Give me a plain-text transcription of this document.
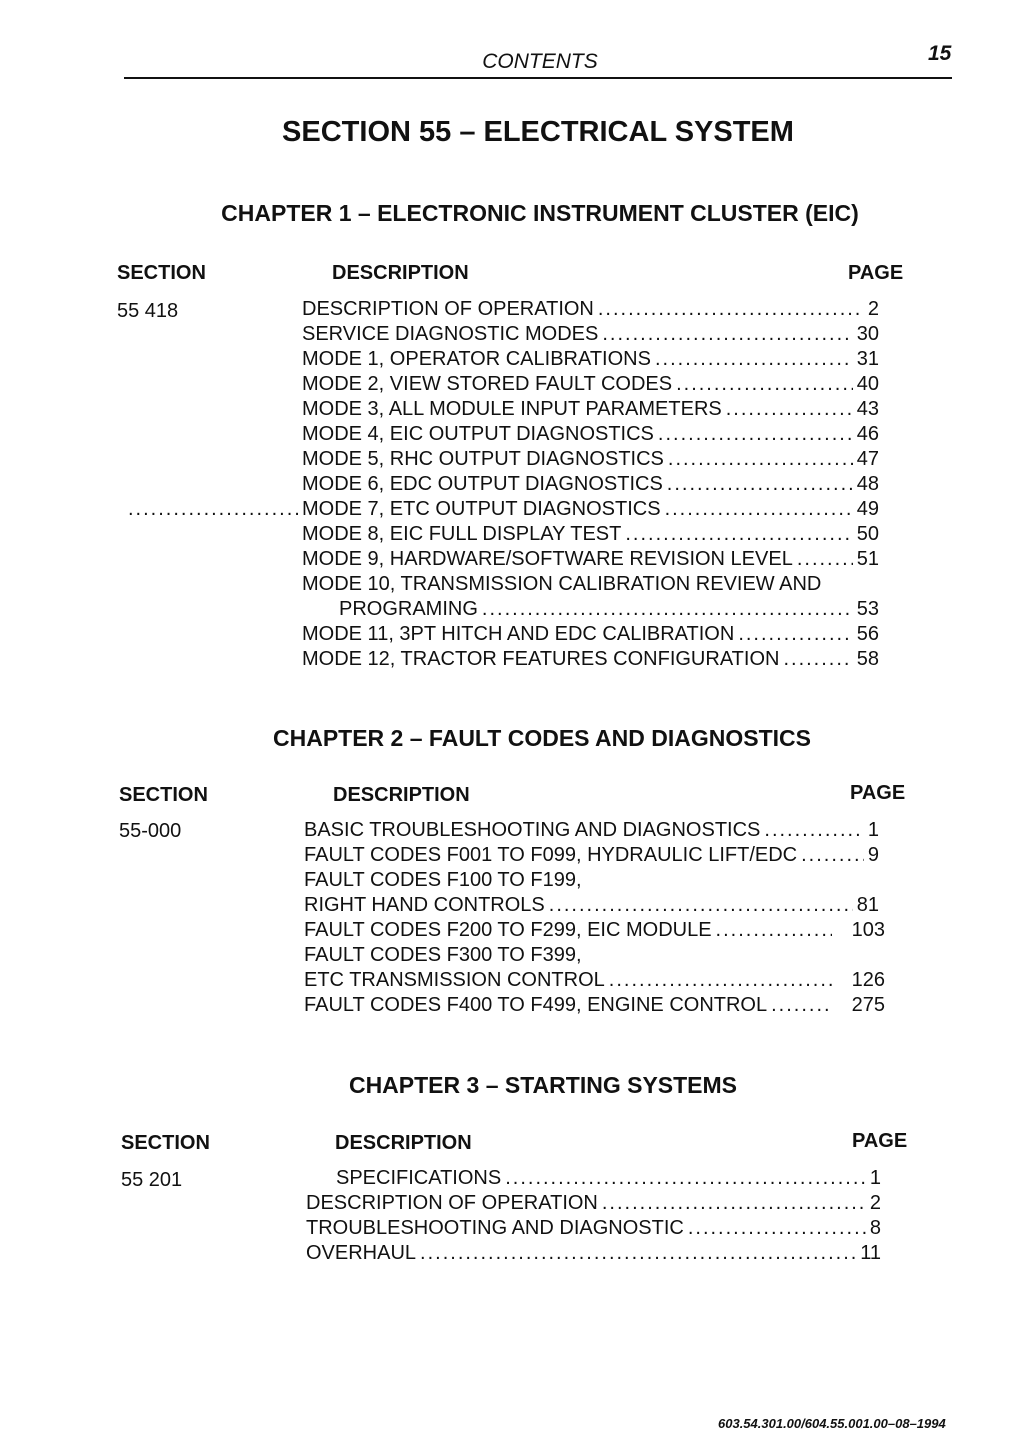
CONTENTS	15
SECTION 55 – ELECTRICAL SYSTEM
CHAPTER 1 – ELECTRONIC INSTRUMENT CLUSTER (EIC)
SECTION	DESCRIPTION	PAGE
55 418	DESCRIPTION OF OPERATION .....	2
SERVICE DIAGNOSTIC MODES .....	30
MODE 1, OPERATOR CALIBRATIONS .....	31
MODE 2, VIEW STORED FAULT CODES .....	40
MODE 3, ALL MODULE INPUT PARAMETERS .....	43
MODE 4, EIC OUTPUT DIAGNOSTICS .....	46
MODE 5, RHC OUTPUT DIAGNOSTICS .....	47
MODE 6, EDC OUTPUT DIAGNOSTICS .....	48
.....
MODE 7, ETC OUTPUT DIAGNOSTICS .....	49
MODE 8, EIC FULL DISPLAY TEST .....	50
MODE 9, HARDWARE/SOFTWARE REVISION LEVEL .....	51
MODE 10, TRANSMISSION CALIBRATION REVIEW AND
PROGRAMING .....	53
MODE 11, 3PT HITCH AND EDC CALIBRATION .....	56
MODE 12, TRACTOR FEATURES CONFIGURATION .....	58
CHAPTER 2 – FAULT CODES AND DIAGNOSTICS
SECTION	DESCRIPTION	PAGE
55-000	BASIC TROUBLESHOOTING AND DIAGNOSTICS .....	1
FAULT CODES F001 TO F099, HYDRAULIC LIFT/EDC .....	9
FAULT CODES F100 TO F199,
RIGHT HAND CONTROLS .....	81
FAULT CODES F200 TO F299, EIC MODULE .....	103
FAULT CODES F300 TO F399,
ETC TRANSMISSION CONTROL .....	126
FAULT CODES F400 TO F499, ENGINE CONTROL .....	275
CHAPTER 3 – STARTING SYSTEMS
SECTION	DESCRIPTION	PAGE
55 201	SPECIFICATIONS .....	1
DESCRIPTION OF OPERATION .....	2
TROUBLESHOOTING AND DIAGNOSTIC .....	8
OVERHAUL .....	11
603.54.301.00/604.55.001.00–08–1994
